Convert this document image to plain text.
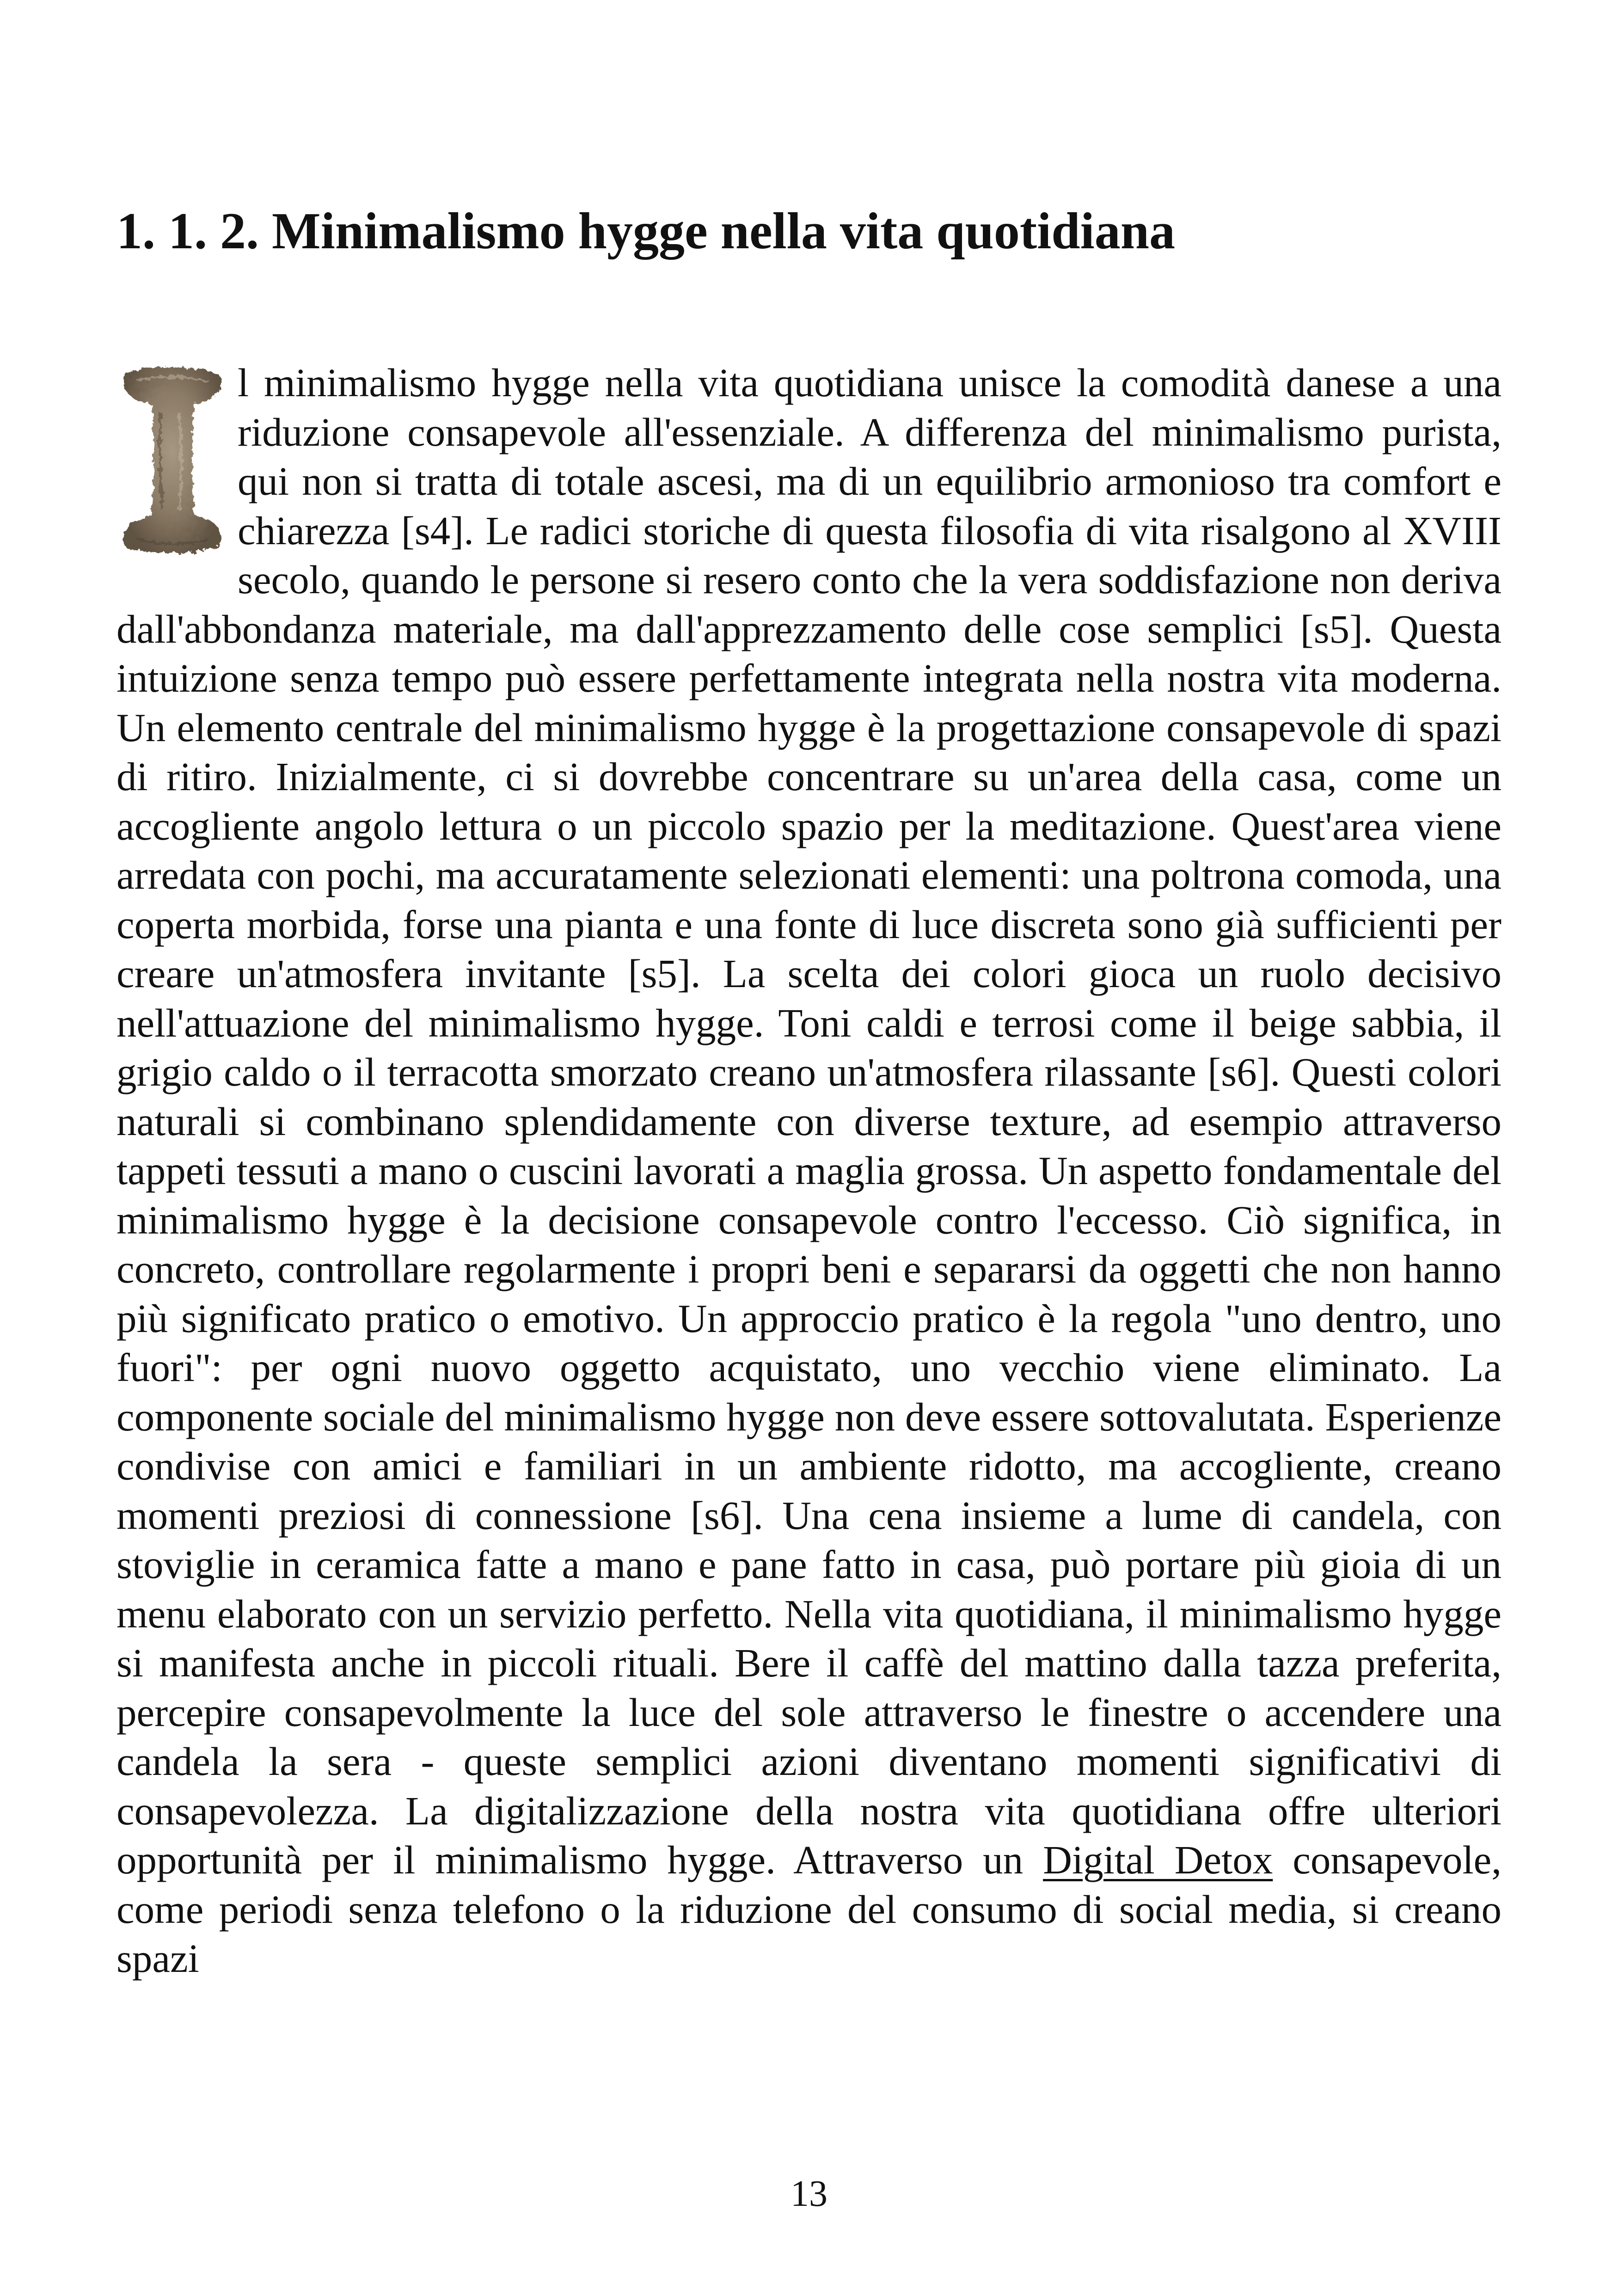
1. 1. 2. Minimalismo hygge nella vita quotidiana
l minimalismo hygge nella vita quotidiana unisce la comodità danese a una riduzione consapevole all'essenziale. A differenza del minimalismo purista, qui non si tratta di totale ascesi, ma di un equilibrio armonioso tra comfort e chiarezza [s4]. Le radici storiche di questa filosofia di vita risalgono al XVIII secolo, quando le persone si resero conto che la vera soddisfazione non deriva dall'abbondanza materiale, ma dall'apprezzamento delle cose semplici [s5]. Questa intuizione senza tempo può essere perfettamente integrata nella nostra vita moderna. Un elemento centrale del minimalismo hygge è la progettazione consapevole di spazi di ritiro. Inizialmente, ci si dovrebbe concentrare su un'area della casa, come un accogliente angolo lettura o un piccolo spazio per la meditazione. Quest'area viene arredata con pochi, ma accuratamente selezionati elementi: una poltrona comoda, una coperta morbida, forse una pianta e una fonte di luce discreta sono già sufficienti per creare un'atmosfera invitante [s5]. La scelta dei colori gioca un ruolo decisivo nell'attuazione del minimalismo hygge. Toni caldi e terrosi come il beige sabbia, il grigio caldo o il terracotta smorzato creano un'atmosfera rilassante [s6]. Questi colori naturali si combinano splendidamente con diverse texture, ad esempio attraverso tappeti tessuti a mano o cuscini lavorati a maglia grossa. Un aspetto fondamentale del minimalismo hygge è la decisione consapevole contro l'eccesso. Ciò significa, in concreto, controllare regolarmente i propri beni e separarsi da oggetti che non hanno più significato pratico o emotivo. Un approccio pratico è la regola "uno dentro, uno fuori": per ogni nuovo oggetto acquistato, uno vecchio viene eliminato. La componente sociale del minimalismo hygge non deve essere sottovalutata. Esperienze condivise con amici e familiari in un ambiente ridotto, ma accogliente, creano momenti preziosi di connessione [s6]. Una cena insieme a lume di candela, con stoviglie in ceramica fatte a mano e pane fatto in casa, può portare più gioia di un menu elaborato con un servizio perfetto. Nella vita quotidiana, il minimalismo hygge si manifesta anche in piccoli rituali. Bere il caffè del mattino dalla tazza preferita, percepire consapevolmente la luce del sole attraverso le finestre o accendere una candela la sera - queste semplici azioni diventano momenti significativi di consapevolezza. La digitalizzazione della nostra vita quotidiana offre ulteriori opportunità per il minimalismo hygge. Attraverso un Digital Detox consapevole, come periodi senza telefono o la riduzione del consumo di social media, si creano spazi
13
